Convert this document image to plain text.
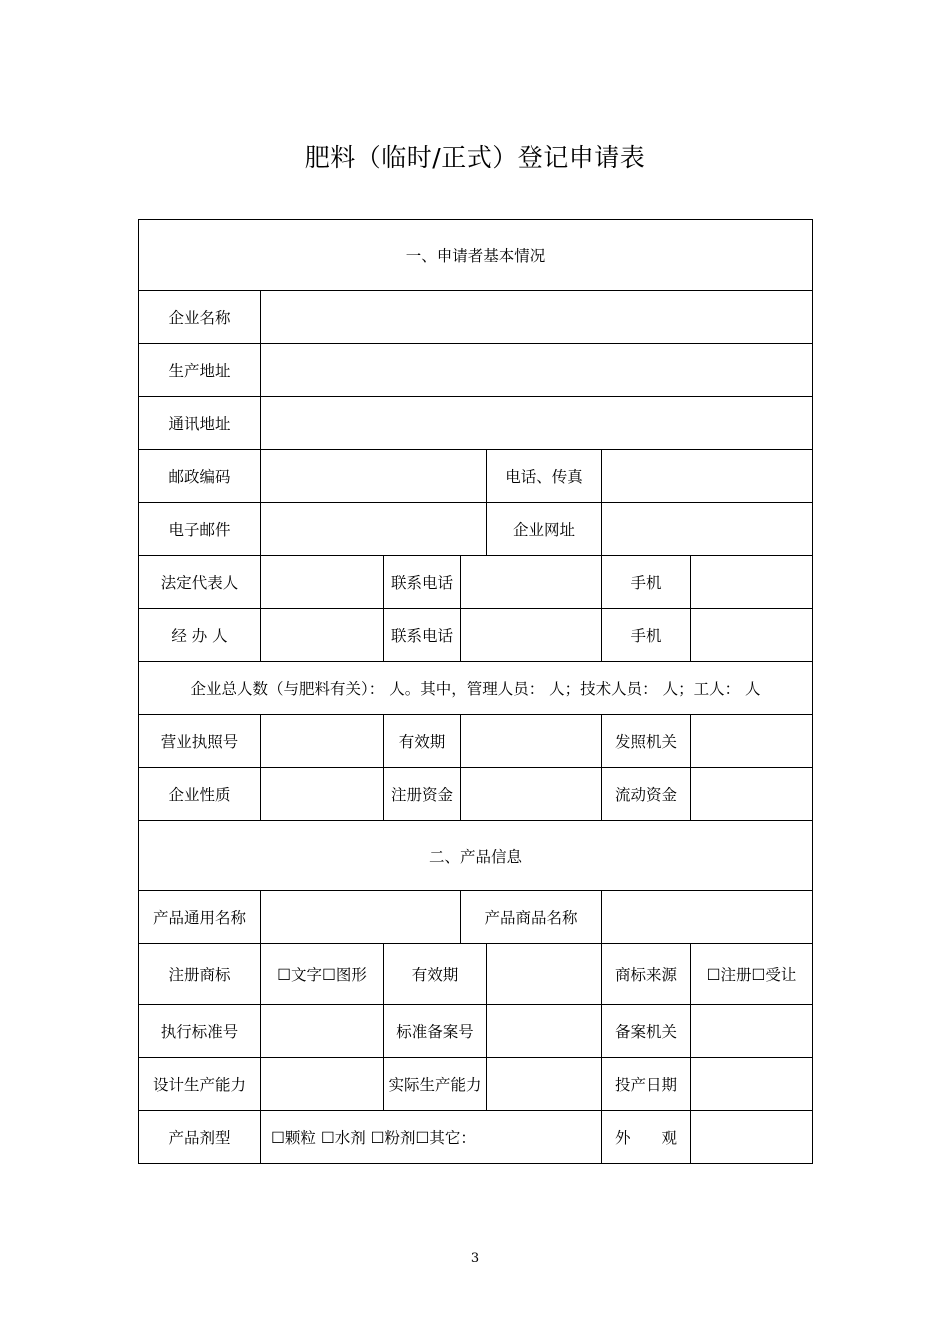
肥料（临时/正式）登记申请表
一、申请者基本情况						
企业名称						
生产地址						
通讯地址						
邮政编码				电话、传真		
电子邮件				企业网址		
法定代表人		联系电话			手机	
经 办 人		联系电话			手机	
企业总人数（与肥料有关）： 人。其中，管理人员： 人；技术人员： 人；工人： 人						
营业执照号		有效期			发照机关	
企业性质		注册资金			流动资金	
二、产品信息						
产品通用名称			产品商品名称			
注册商标	☐文字☐图形	有效期			商标来源	☐注册☐受让
执行标准号		标准备案号			备案机关	
设计生产能力		实际生产能力			投产日期	
产品剂型	☐颗粒 ☐水剂 ☐粉剂☐其它：				外　　观	
3
